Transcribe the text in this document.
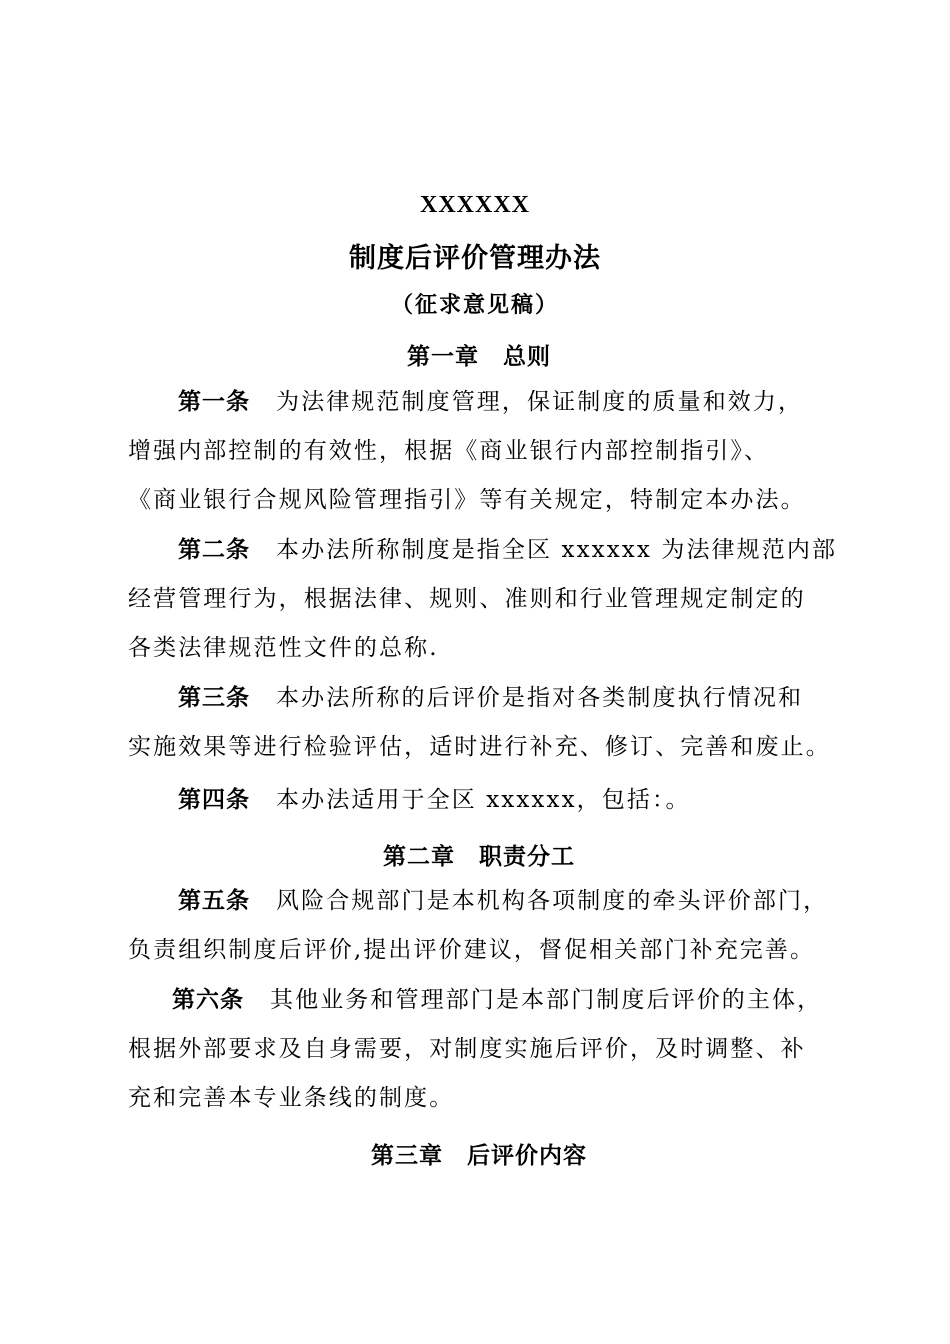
XXXXXX
制度后评价管理办法
（征求意见稿）
第一章　总则
第一条 为法律规范制度管理，保证制度的质量和效力，
增强内部控制的有效性，根据《商业银行内部控制指引》、
《商业银行合规风险管理指引》等有关规定，特制定本办法。
第二条 本办法所称制度是指全区 xxxxxx 为法律规范内部
经营管理行为，根据法律、规则、准则和行业管理规定制定的
各类法律规范性文件的总称.
第三条 本办法所称的后评价是指对各类制度执行情况和
实施效果等进行检验评估，适时进行补充、修订、完善和废止。
第四条 本办法适用于全区 xxxxxx，包括：。
第二章　职责分工
第五条 风险合规部门是本机构各项制度的牵头评价部门，
负责组织制度后评价,提出评价建议，督促相关部门补充完善。
第六条 其他业务和管理部门是本部门制度后评价的主体，
根据外部要求及自身需要，对制度实施后评价，及时调整、补
充和完善本专业条线的制度。
第三章　后评价内容
